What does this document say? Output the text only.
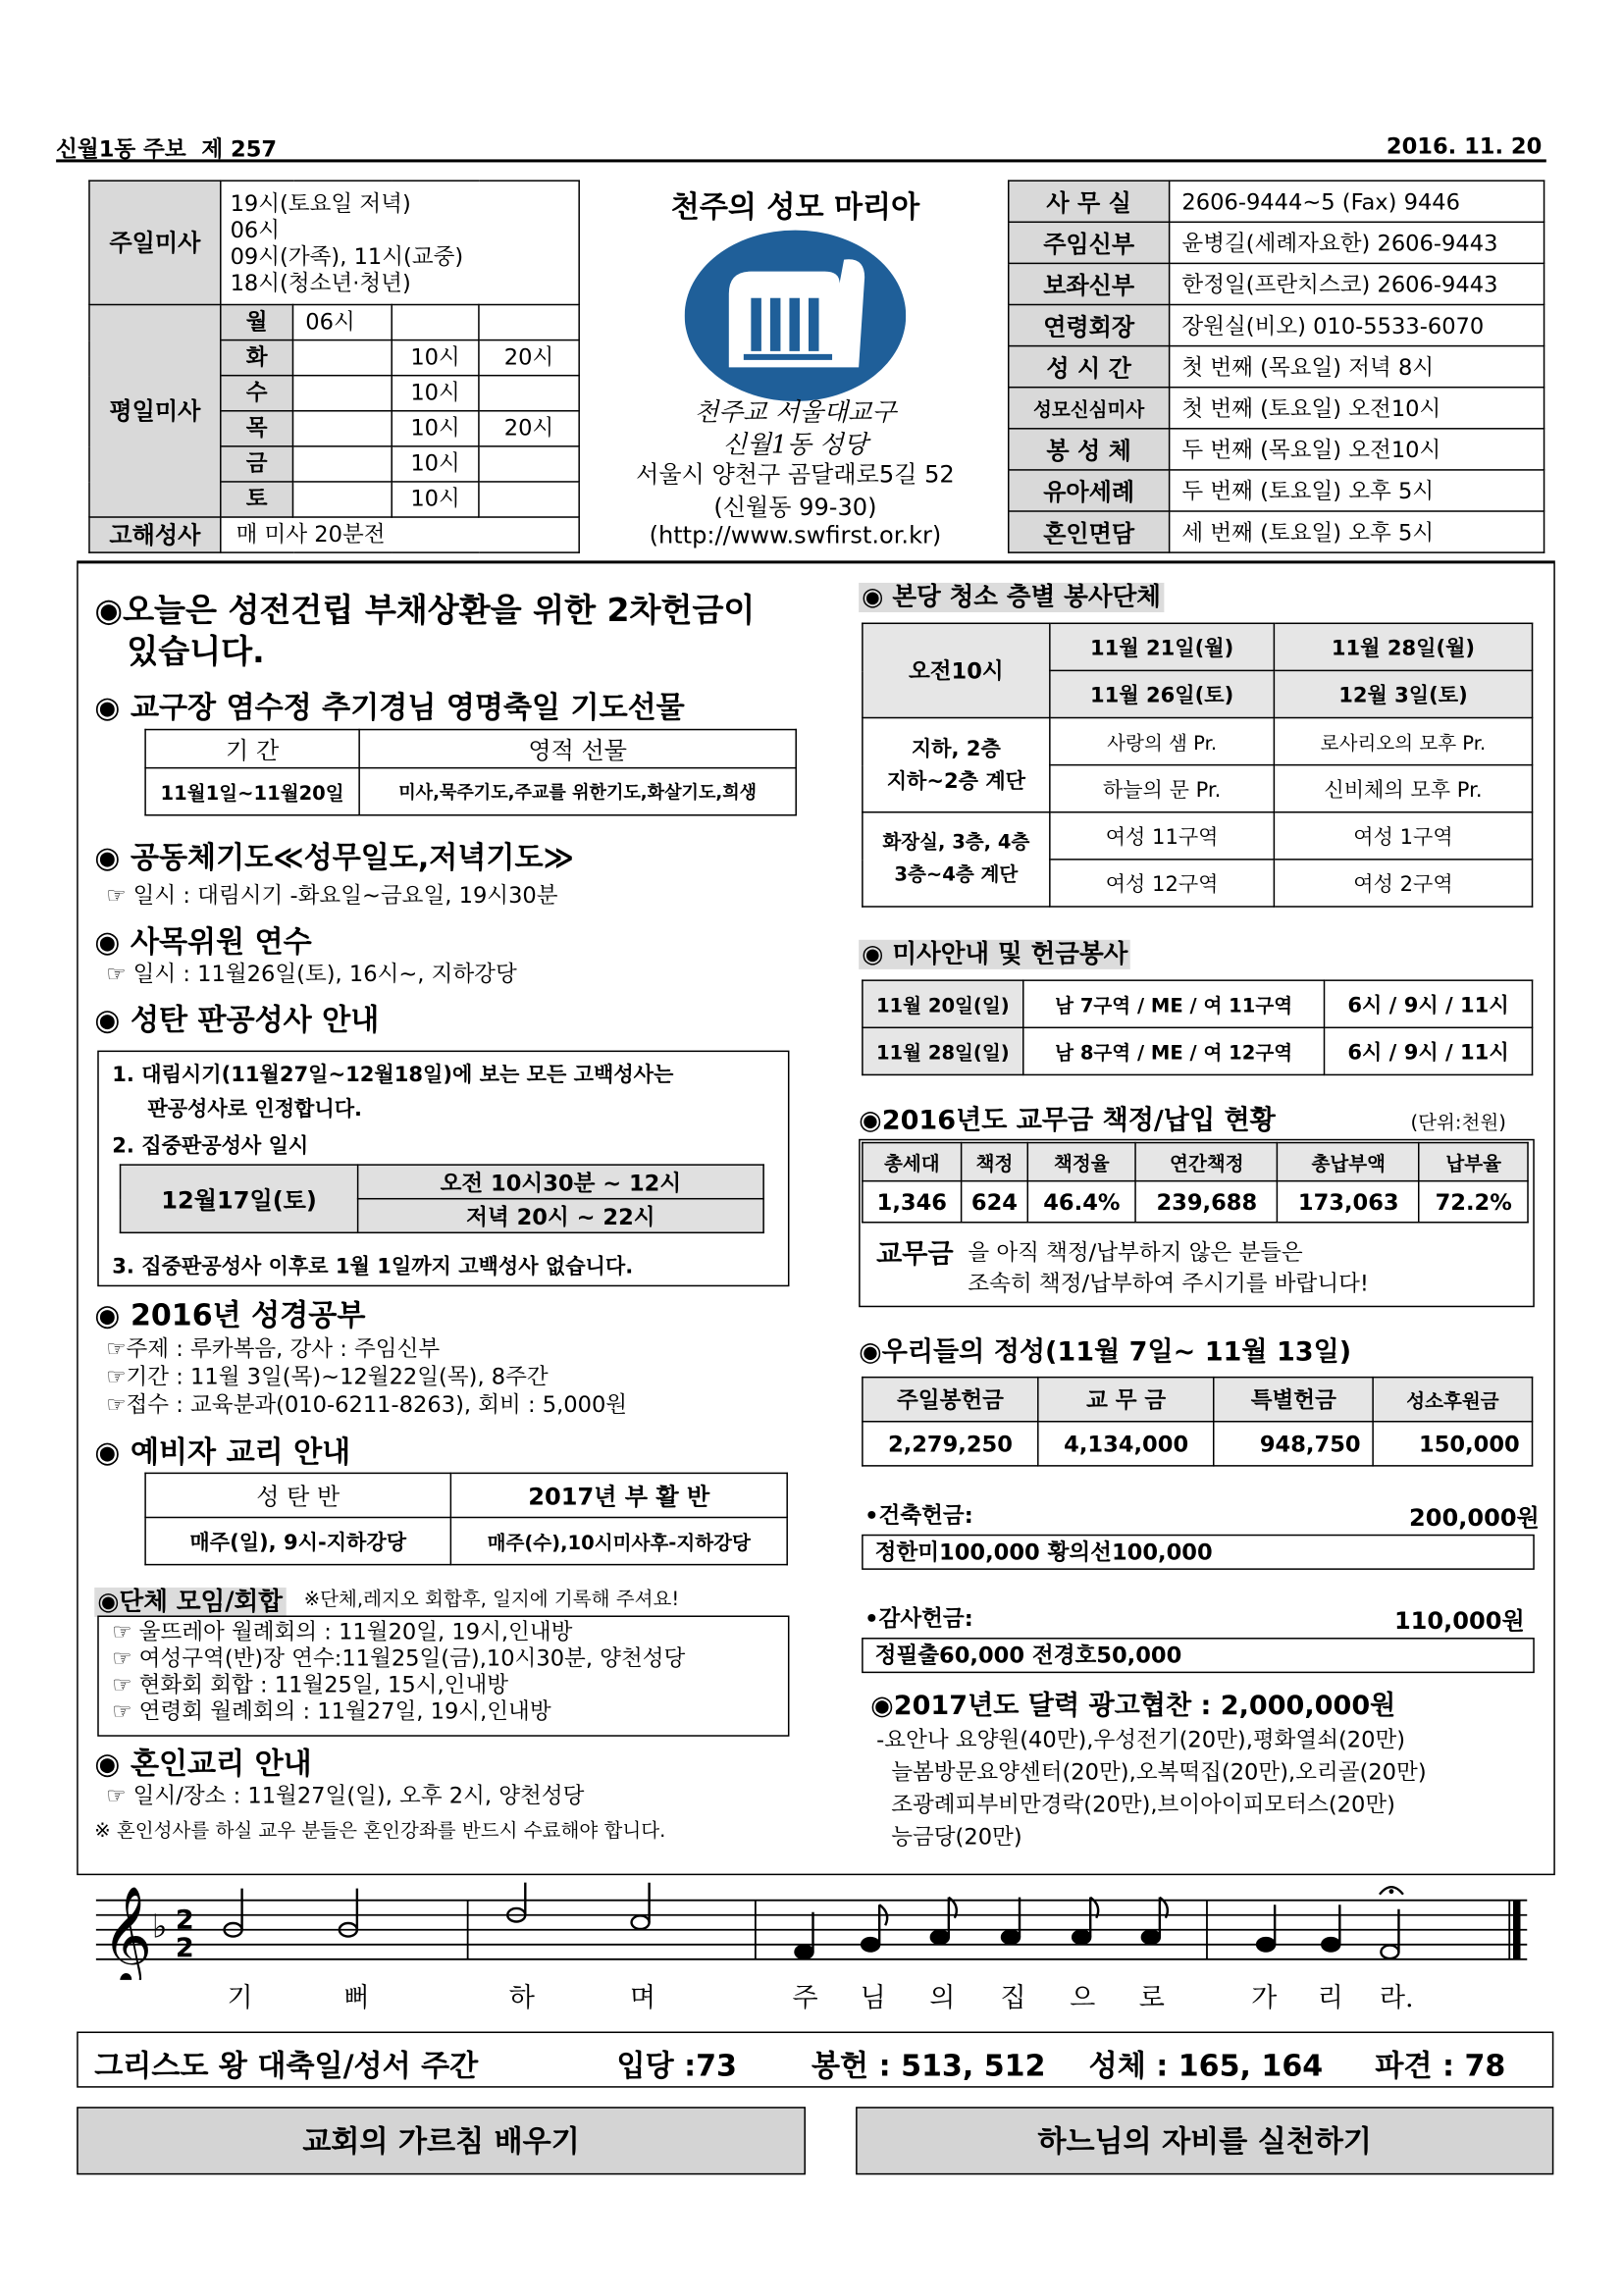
신월1동 주보 제 257	2016. 11. 20
주일미사	19시(토요일 저녁)
06시
09시(가족), 11시(교중)
18시(청소년·청년)			

평일미사	월	06시		
	화		10시	20시
	수		10시	
	목		10시	20시
	금		10시	
	토		10시	
고해성사	매 미사 20분전			
천주의 성모 마리아
천주교 서울대교구
신월1동 성당
서울시 양천구 곰달래로5길 52
(신월동 99-30)
(http://www.swfirst.or.kr)
사 무 실	2606-9444~5 (Fax) 9446
주임신부	윤병길(세례자요한) 2606-9443
보좌신부	한정일(프란치스코) 2606-9443
연령회장	장원실(비오) 010-5533-6070
성 시 간	첫 번째 (목요일) 저녁 8시
성모신심미사	첫 번째 (토요일) 오전10시
봉 성 체	두 번째 (목요일) 오전10시
유아세례	두 번째 (토요일) 오후 5시
혼인면담	세 번째 (토요일) 오후 5시
◉오늘은 성전건립 부채상환을 위한 2차헌금이
있습니다.
◉ 교구장 염수정 추기경님 영명축일 기도선물
기 간	영적 선물
11월1일~11월20일	미사,묵주기도,주교를 위한기도,화살기도,희생
◉ 공동체기도≪성무일도,저녁기도≫
☞ 일시 : 대림시기 -화요일~금요일, 19시30분
◉ 사목위원 연수
☞ 일시 : 11월26일(토), 16시~, 지하강당
◉ 성탄 판공성사 안내
1. 대림시기(11월27일~12월18일)에 보는 모든 고백성사는
판공성사로 인정합니다.
2. 집중판공성사 일시
12월17일(토)	오전 10시30분 ~ 12시
저녁 20시 ~ 22시
3. 집중판공성사 이후로 1월 1일까지 고백성사 없습니다.
◉ 2016년 성경공부
☞주제 : 루카복음, 강사 : 주임신부
☞기간 : 11월 3일(목)~12월22일(목), 8주간
☞접수 : 교육분과(010-6211-8263), 회비 : 5,000원
◉ 예비자 교리 안내
성 탄 반	2017년 부 활 반
매주(일), 9시-지하강당	매주(수),10시미사후-지하강당
◉단체 모임/회합 ※단체,레지오 회합후, 일지에 기록해 주셔요!
☞ 울뜨레아 월례회의 : 11월20일, 19시,인내방
☞ 여성구역(반)장 연수:11월25일(금),10시30분, 양천성당
☞ 현화회 회합 : 11월25일, 15시,인내방
☞ 연령회 월례회의 : 11월27일, 19시,인내방
◉ 혼인교리 안내
☞ 일시/장소 : 11월27일(일), 오후 2시, 양천성당
※ 혼인성사를 하실 교우 분들은 혼인강좌를 반드시 수료해야 합니다.
◉ 본당 청소 층별 봉사단체
오전10시	11월 21일(월)	11월 28일(월)
	11월 26일(토)	12월 3일(토)

지하, 2층
지하~2층 계단	사랑의 샘 Pr.	로사리오의 모후 Pr.
	하늘의 문 Pr.	신비체의 모후 Pr.

화장실, 3층, 4층
3층~4층 계단	여성 11구역	여성 1구역
	여성 12구역	여성 2구역
◉ 미사안내 및 헌금봉사
11월 20일(일)	남 7구역 / ME / 여 11구역	6시 / 9시 / 11시
11월 28일(일)	남 8구역 / ME / 여 12구역	6시 / 9시 / 11시
◉2016년도 교무금 책정/납입 현황	(단위:천원)
총세대	책정	책정율	연간책정	총납부액	납부율
1,346	624	46.4%	239,688	173,063	72.2%
교무금 을 아직 책정/납부하지 않은 분들은
조속히 책정/납부하여 주시기를 바랍니다!
◉우리들의 정성(11월 7일~ 11월 13일)
주일봉헌금	교 무 금	특별헌금	성소후원금
2,279,250	4,134,000	948,750	150,000
•건축헌금:	200,000원
정한미100,000 황의선100,000
•감사헌금:	110,000원
정필출60,000 전경호50,000
◉2017년도 달력 광고협찬 : 2,000,000원
-요안나 요양원(40만),우성전기(20만),평화열쇠(20만)
늘봄방문요양센터(20만),오복떡집(20만),오리골(20만)
조광례피부비만경락(20만),브이아이피모터스(20만)
능금당(20만)
𝄞 ♭ 2
2
기	뻐	하	며	주 님 의	집 으 로	가 리 라.
그리스도 왕 대축일/성서 주간	입당 :73	봉헌 : 513, 512 성체 : 165, 164	파견 : 78
교회의 가르침 배우기	하느님의 자비를 실천하기
